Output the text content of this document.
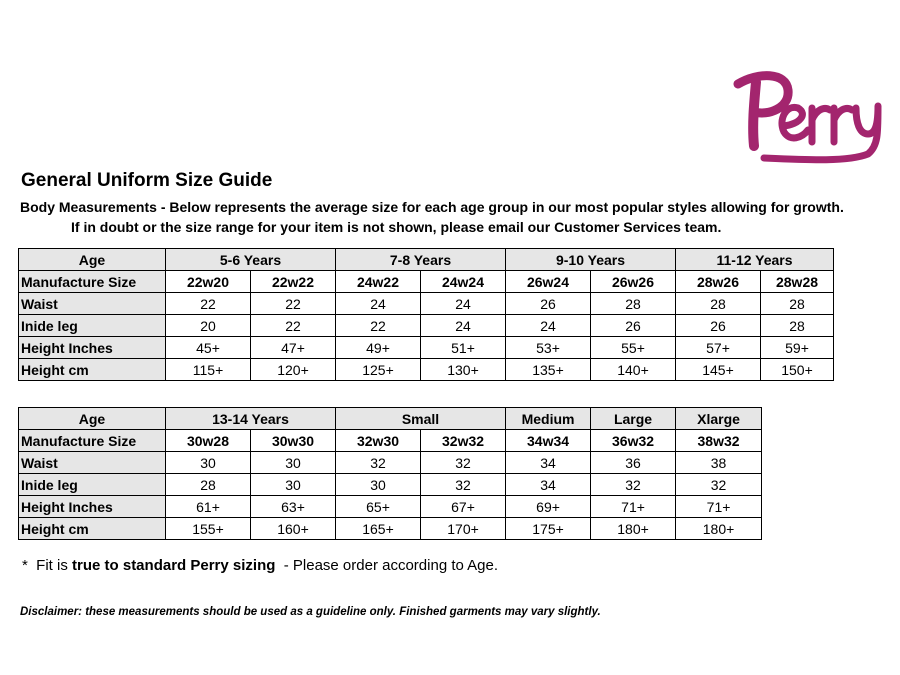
General Uniform Size Guide
Body Measurements - Below represents the average size for each age group in our most popular styles allowing for growth.
If in doubt or the size range for your item is not shown, please email our Customer Services team.
Age	5-6 Years		7-8 Years		9-10 Years		11-12 Years	
Manufacture Size	22w20	22w22	24w22	24w24	26w24	26w26	28w26	28w28
Waist	22	22	24	24	26	28	28	28
Inide leg	20	22	22	24	24	26	26	28
Height Inches	45+	47+	49+	51+	53+	55+	57+	59+
Height cm	115+	120+	125+	130+	135+	140+	145+	150+
Age	13-14 Years		Small		Medium	Large	Xlarge
Manufacture Size	30w28	30w30	32w30	32w32	34w34	36w32	38w32
Waist	30	30	32	32	34	36	38
Inide leg	28	30	30	32	34	32	32
Height Inches	61+	63+	65+	67+	69+	71+	71+
Height cm	155+	160+	165+	170+	175+	180+	180+
*  Fit is true to standard Perry sizing  - Please order according to Age.
Disclaimer: these measurements should be used as a guideline only. Finished garments may vary slightly.
